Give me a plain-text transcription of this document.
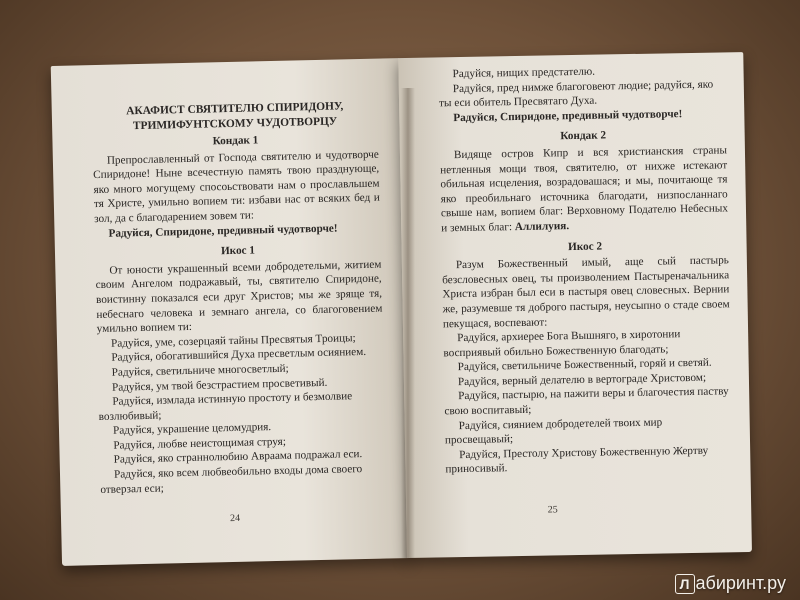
АКАФИСТ СВЯТИТЕЛЮ СПИРИДОНУ, ТРИМИФУНТСКОМУ ЧУДОТВОРЦУ
Кондак 1

Препрославленный от Господа святителю и чудотворче Спиридоне! Ныне всечестную память твою празднующе, яко много могущему спосоьствовати нам о прославльшем тя Христе, умильно вопием ти: избави нас от всяких бед и зол, да с благодарением зовем ти:

Радуйся, Спиридоне, предивный чудотворче!

Икос 1

От юности украшенный всеми добродетельми, житием своим Ангелом подражавый, ты, святителю Спиридоне, воистинну показался еси друг Христов; мы же зряще тя, небеснаго человека и земнаго ангела, со благоговением умильно вопием ти:

Радуйся, уме, созерцаяй тайны Пресвятыя Троицы;

Радуйся, обогатившийся Духа пресветлым осиянием.

Радуйся, светильниче многосветлый;

Радуйся, ум твой безстрастием просветивый.

Радуйся, измлада истинную простоту и безмолвие возлюбивый;

Радуйся, украшение целомудрия.

Радуйся, любве неистощимая струя;

Радуйся, яко страннолюбию Авраама подражал еси.

Радуйся, яко всем любвеобильно входы дома своего отверзал еси;

24

Радуйся, нищих предстателю.

Радуйся, пред нимже благоговеют людие; радуйся, яко ты еси обитель Пресвятаго Духа.

Радуйся, Спиридоне, предивный чудотворче!

Кондак 2

Видяще остров Кипр и вся христианския страны нетленныя мощи твоя, святителю, от нихже истекают обильная исцеления, возрадовашася; и мы, почитающе тя яко преобильнаго источника благодати, низпосланнаго свыше нам, вопием благ: Верховному Подателю Небесных и земных благ: Аллилуия.

Икос 2

Разум Божественный имый, аще сый пастырь безсловесных овец, ты произволением Пастыреначальника Христа избран был еси в пастыря овец словесных. Вернии же, разумевше тя доброго пастыря, неусыпно о стаде своем пекущася, воспевают:

Радуйся, архиерее Бога Вышняго, в хиротонии восприявый обильно Божественную благодать;

Радуйся, светильниче Божественный, горяй и светяй.

Радуйся, верный делателю в вертограде Христовом;

Радуйся, пастырю, на пажити веры и благочестия паству свою воспитавый;

Радуйся, сиянием добродетелей твоих мир просвещавый;

Радуйся, Престолу Христову Божественную Жертву приносивый.

25
Л абиринт.ру
